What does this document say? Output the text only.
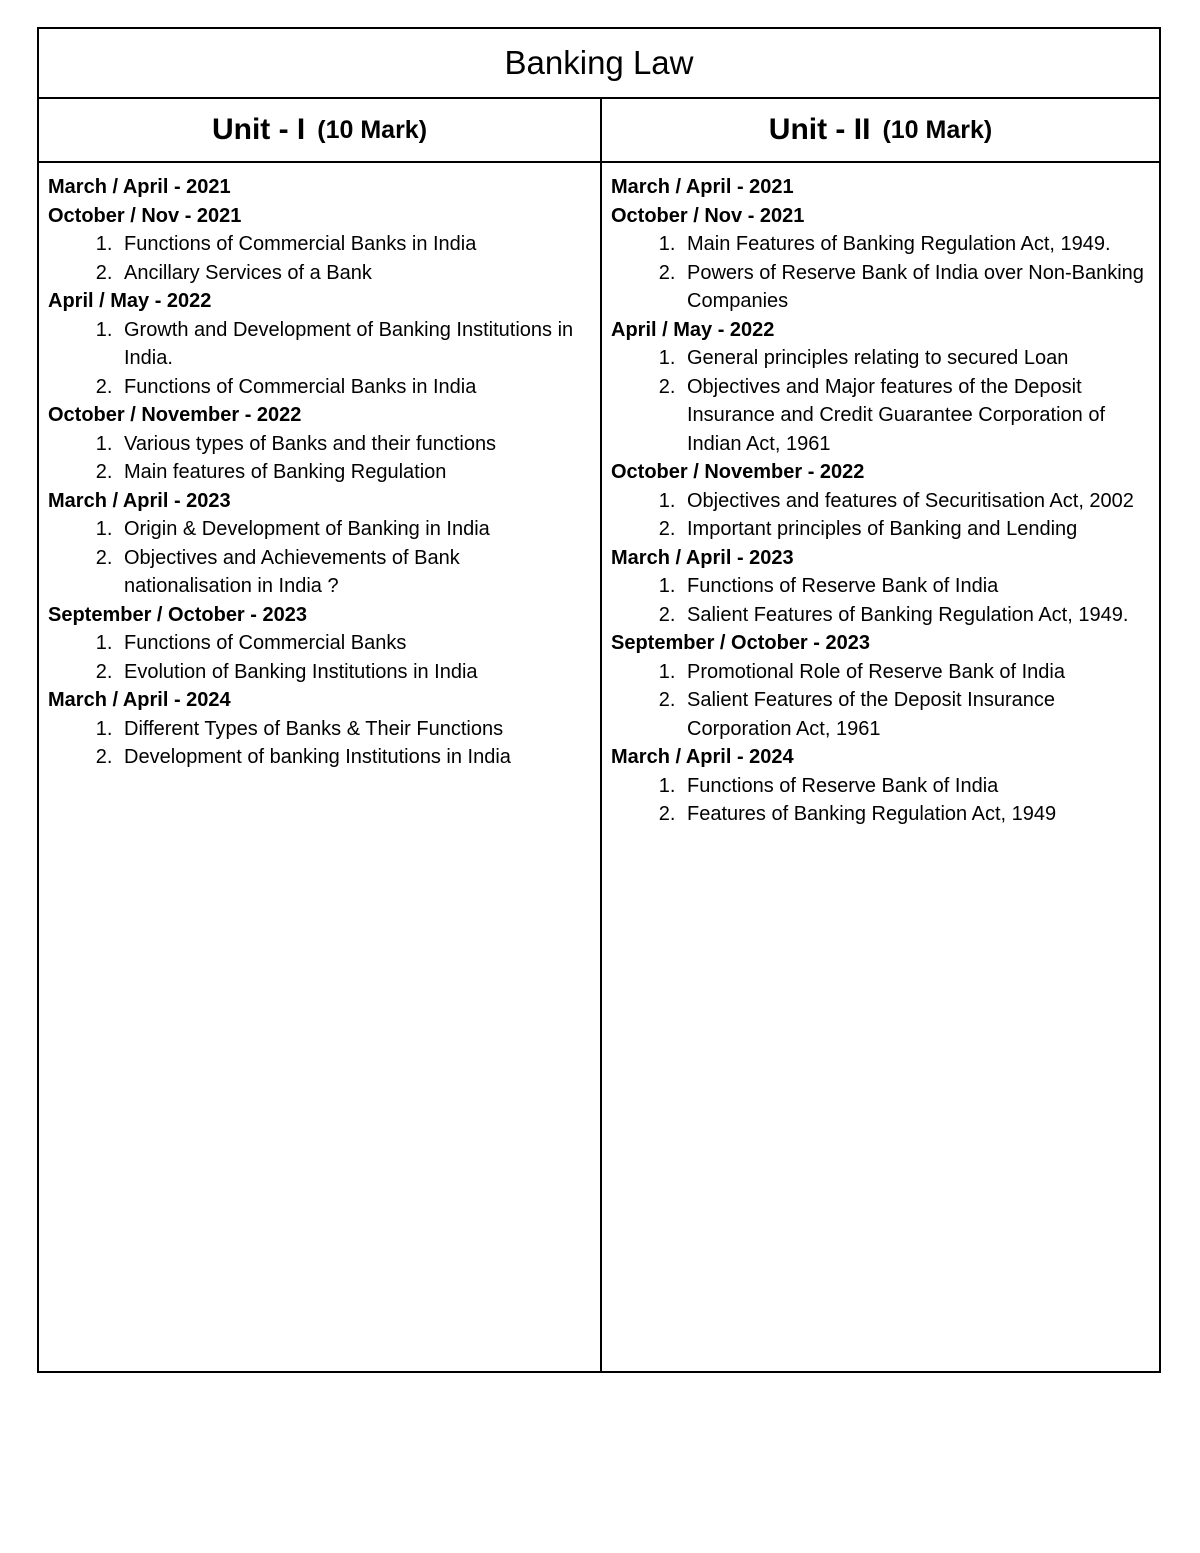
Banking Law
Unit - I (10 Mark)	Unit - II (10 Mark)
March / April - 2021
October / Nov - 2021
1. Functions of Commercial Banks in India
2. Ancillary Services of a Bank
April / May - 2022
1. Growth and Development of Banking Institutions in India.
2. Functions of Commercial Banks in India
October / November - 2022
1. Various types of Banks and their functions
2. Main features of Banking Regulation
March / April - 2023
1. Origin & Development of Banking in India
2. Objectives and Achievements of Bank nationalisation in India ?
September / October - 2023
1. Functions of Commercial Banks
2. Evolution of Banking Institutions in India
March / April - 2024
1. Different Types of Banks & Their Functions
2. Development of banking Institutions in India
March / April - 2021
October / Nov - 2021
1. Main Features of Banking Regulation Act, 1949.
2. Powers of Reserve Bank of India over Non-Banking Companies
April / May - 2022
1. General principles relating to secured Loan
2. Objectives and Major features of the Deposit Insurance and Credit Guarantee Corporation of Indian Act, 1961
October / November - 2022
1. Objectives and features of Securitisation Act, 2002
2. Important principles of Banking and Lending
March / April - 2023
1. Functions of Reserve Bank of India
2. Salient Features of Banking Regulation Act, 1949.
September / October - 2023
1. Promotional Role of Reserve Bank of India
2. Salient Features of the Deposit Insurance Corporation Act, 1961
March / April - 2024
1. Functions of Reserve Bank of India
2. Features of Banking Regulation Act, 1949
